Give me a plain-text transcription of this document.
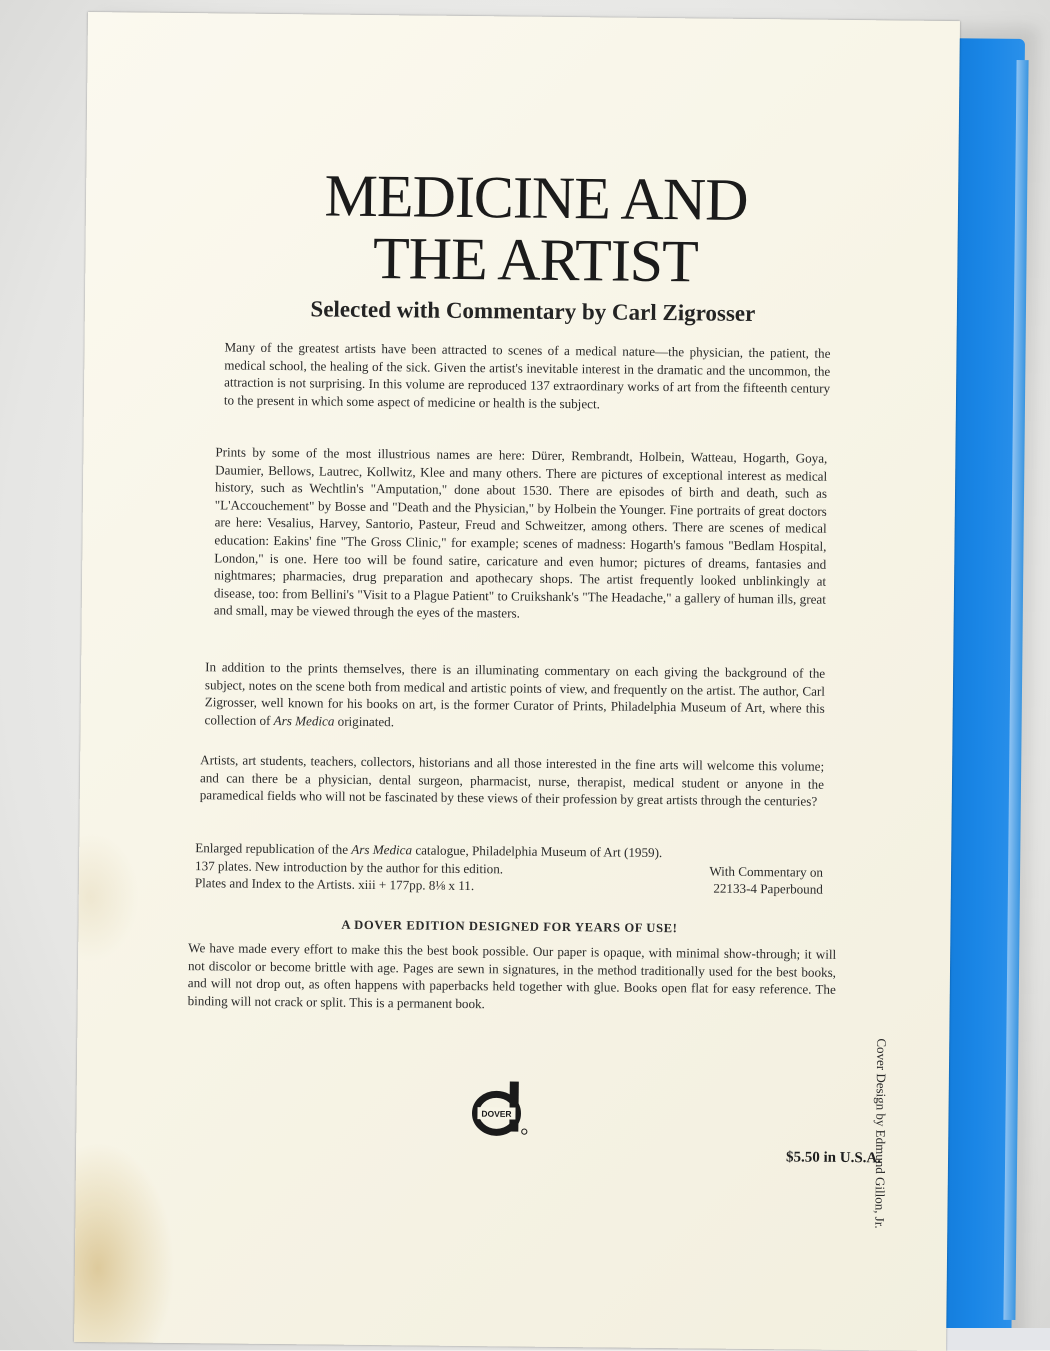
MEDICINE AND
THE ARTIST
Selected with Commentary by Carl Zigrosser
Many of the greatest artists have been attracted to scenes of a medical nature—the physician, the patient, the medical school, the healing of the sick. Given the artist's inevitable interest in the dramatic and the uncommon, the attraction is not surprising. In this volume are reproduced 137 extraordinary works of art from the fifteenth century to the present in which some aspect of medicine or health is the subject.
Prints by some of the most illustrious names are here: Dürer, Rembrandt, Holbein, Watteau, Hogarth, Goya, Daumier, Bellows, Lautrec, Kollwitz, Klee and many others. There are pictures of exceptional interest as medical history, such as Wechtlin's "Amputation," done about 1530. There are episodes of birth and death, such as "L'Accouchement" by Bosse and "Death and the Physician," by Holbein the Younger. Fine portraits of great doctors are here: Vesalius, Harvey, Santorio, Pasteur, Freud and Schweitzer, among others. There are scenes of medical education: Eakins' fine "The Gross Clinic," for example; scenes of madness: Hogarth's famous "Bedlam Hospital, London," is one. Here too will be found satire, caricature and even humor; pictures of dreams, fantasies and nightmares; pharmacies, drug preparation and apothecary shops. The artist frequently looked unblinkingly at disease, too: from Bellini's "Visit to a Plague Patient" to Cruikshank's "The Headache," a gallery of human ills, great and small, may be viewed through the eyes of the masters.
In addition to the prints themselves, there is an illuminating commentary on each giving the background of the subject, notes on the scene both from medical and artistic points of view, and frequently on the artist. The author, Carl Zigrosser, well known for his books on art, is the former Curator of Prints, Philadelphia Museum of Art, where this collection of Ars Medica originated.
Artists, art students, teachers, collectors, historians and all those interested in the fine arts will welcome this volume; and can there be a physician, dental surgeon, pharmacist, nurse, therapist, medical student or anyone in the paramedical fields who will not be fascinated by these views of their profession by great artists through the centuries?
Enlarged republication of the Ars Medica catalogue, Philadelphia Museum of Art (1959).
137 plates. New introduction by the author for this edition.	With Commentary on
Plates and Index to the Artists. xiii + 177pp. 8⅛ x 11.	22133-4 Paperbound
A DOVER EDITION DESIGNED FOR YEARS OF USE!
We have made every effort to make this the best book possible. Our paper is opaque, with minimal show-through; it will not discolor or become brittle with age. Pages are sewn in signatures, in the method traditionally used for the best books, and will not drop out, as often happens with paperbacks held together with glue. Books open flat for easy reference. The binding will not crack or split. This is a permanent book.
DOVER
$5.50 in U.S.A.
Cover Design by Edmund Gillon, Jr.
